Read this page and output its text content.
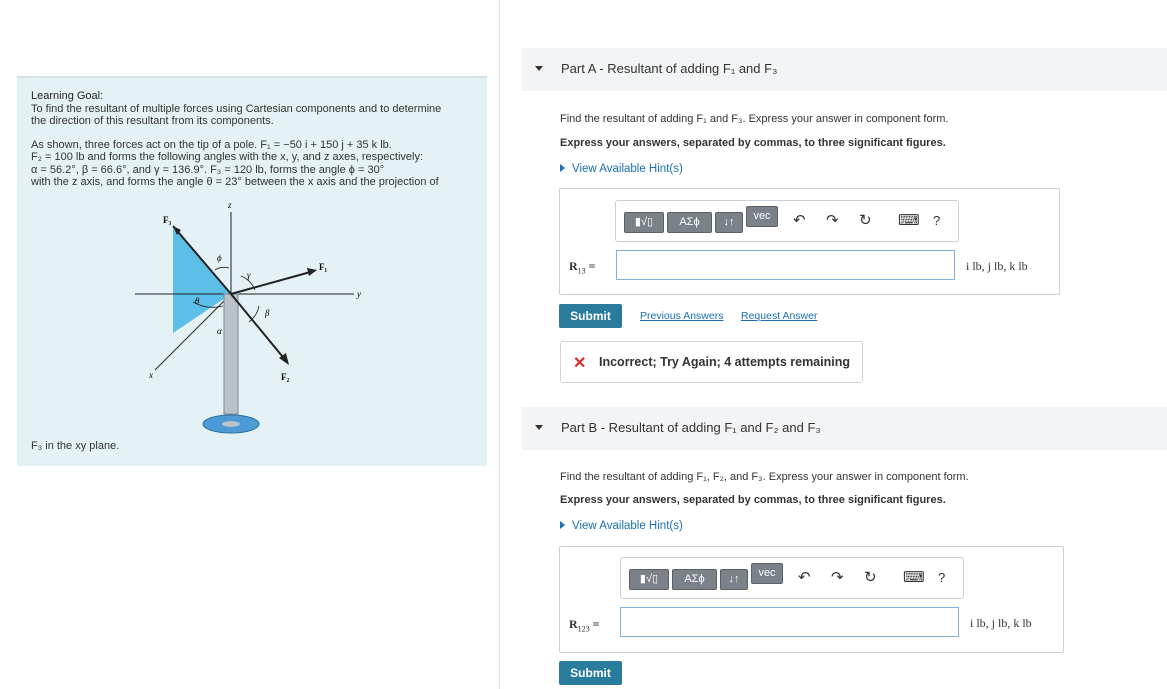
Learning Goal:

To find the resultant of multiple forces using Cartesian components and to determine

the direction of this resultant from its components.

As shown, three forces act on the tip of a pole. F₁ = −50 i + 150 j + 35 k lb.

F₂ = 100 lb and forms the following angles with the x, y, and z axes, respectively:

α = 56.2°, β = 66.6°, and γ = 136.9°. F₃ = 120 lb, forms the angle ϕ = 30°

with the z axis, and forms the angle θ = 23° between the x axis and the projection of

z
y
x
F₃
F₁
F₂
ϕ
γ
β
θ
α
F₃ in the xy plane.
Part A - Resultant of adding F₁ and F₃
Find the resultant of adding F₁ and F₃. Express your answer in component form.
Express your answers, separated by commas, to three significant figures.
View Available Hint(s)
▮√▯	ΑΣϕ	↓↑	vec	↶ ↷ ↻ ⌨ ?
$R_{13}$ =	i lb, j lb, k lb
Submit	Previous Answers Request Answer
✕ Incorrect; Try Again; 4 attempts remaining
Part B - Resultant of adding F₁ and F₂ and F₃
Find the resultant of adding F₁, F₂, and F₃. Express your answer in component form.
Express your answers, separated by commas, to three significant figures.
View Available Hint(s)
▮√▯	ΑΣϕ	↓↑	vec	↶ ↷ ↻ ⌨ ?
$R_{123}$ =	i lb, j lb, k lb
Submit
